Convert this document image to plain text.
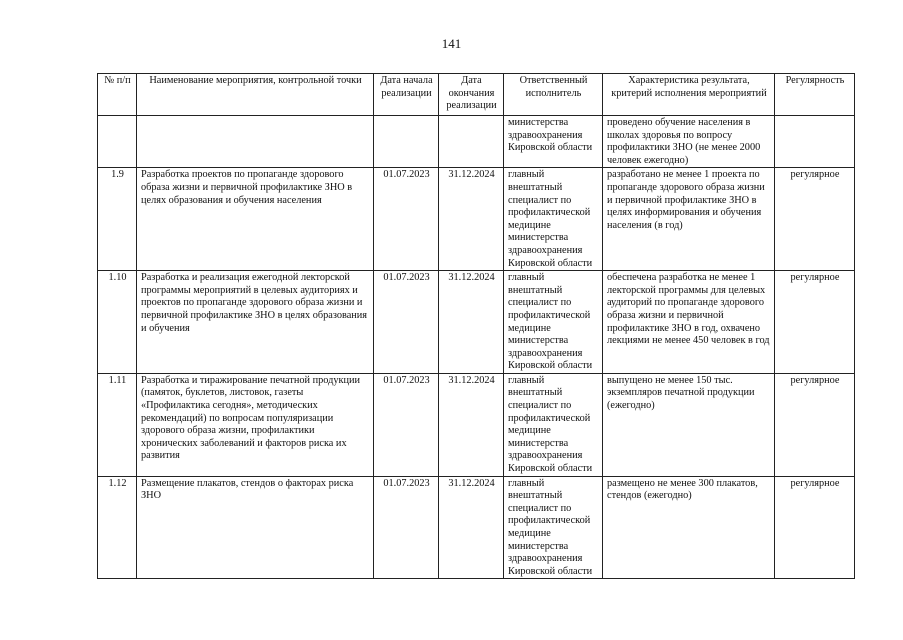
141
№ п/п	Наименование мероприятия, контрольной точки	Дата начала реализации	Дата окончания реализации	Ответственный исполнитель	Характеристика результата, критерий исполнения мероприятий	Регулярность
				министерства здравоохранения Кировской области	проведено обучение населения в школах здоровья по вопросу профилактики ЗНО (не менее 2000 человек ежегодно)	
1.9	Разработка проектов по пропаганде здорового образа жизни и первичной профилактике ЗНО в целях образования и обучения населения	01.07.2023	31.12.2024	главный внештатный специалист по профилактической медицине министерства здравоохранения Кировской области	разработано не менее 1 проекта по пропаганде здорового образа жизни и первичной профилактике ЗНО в целях информирования и обучения населения (в год)	регулярное
1.10	Разработка и реализация ежегодной лекторской программы мероприятий в целевых аудиториях и проектов по пропаганде здорового образа жизни и первичной профилактике ЗНО в целях образования и обучения	01.07.2023	31.12.2024	главный внештатный специалист по профилактической медицине министерства здравоохранения Кировской области	обеспечена разработка не менее 1 лекторской программы для целевых аудиторий по пропаганде здорового образа жизни и первичной профилактике ЗНО в год, охвачено лекциями не менее 450 человек в год	регулярное
1.11	Разработка и тиражирование печатной продукции (памяток, буклетов, листовок, газеты «Профилактика сегодня», методических рекомендаций) по вопросам популяризации здорового образа жизни, профилактики хронических заболеваний и факторов риска их развития	01.07.2023	31.12.2024	главный внештатный специалист по профилактической медицине министерства здравоохранения Кировской области	выпущено не менее 150 тыс. экземпляров печатной продукции (ежегодно)	регулярное
1.12	Размещение плакатов, стендов о факторах риска ЗНО	01.07.2023	31.12.2024	главный внештатный специалист по профилактической медицине министерства здравоохранения Кировской области	размещено не менее 300 плакатов, стендов (ежегодно)	регулярное
